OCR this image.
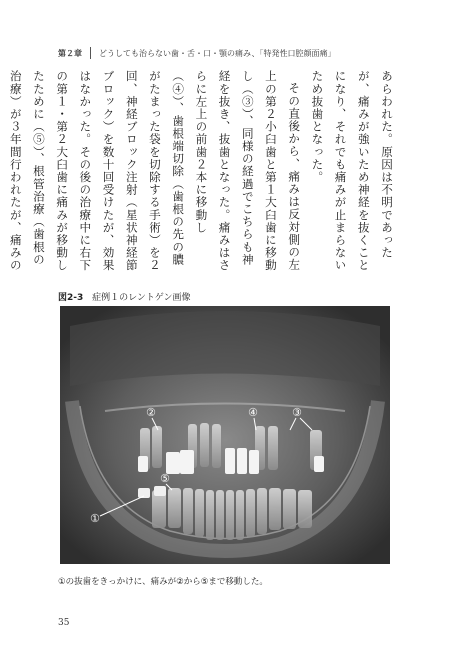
第２章 どうしても治らない歯・舌・口・顎の痛み、「特発性口腔顔面痛」

あらわれた。原因は不明であったが、痛みが強いため神経を抜くことになり、それでも痛みが止まらないため抜歯となった。

その直後から、痛みは反対側の左上の第２小臼歯と第１大臼歯に移動し（③）、同様の経過でこちらも神経を抜き、抜歯となった。痛みはさらに左上の前歯２本に移動し（④）、歯根端切除（歯根の先の膿がたまった袋を切除する手術）を２回、神経ブロック注射（星状神経節ブロック）を数十回受けたが、効果はなかった。その後の治療中に右下の第１・第２大臼歯に痛みが移動したために（⑤）、根管治療（歯根の治療）が３年間行われたが、痛みの

図2-3 症例１のレントゲン画像
②	④	③
⑤
①
①の抜歯をきっかけに、痛みが②から⑤まで移動した。
35
